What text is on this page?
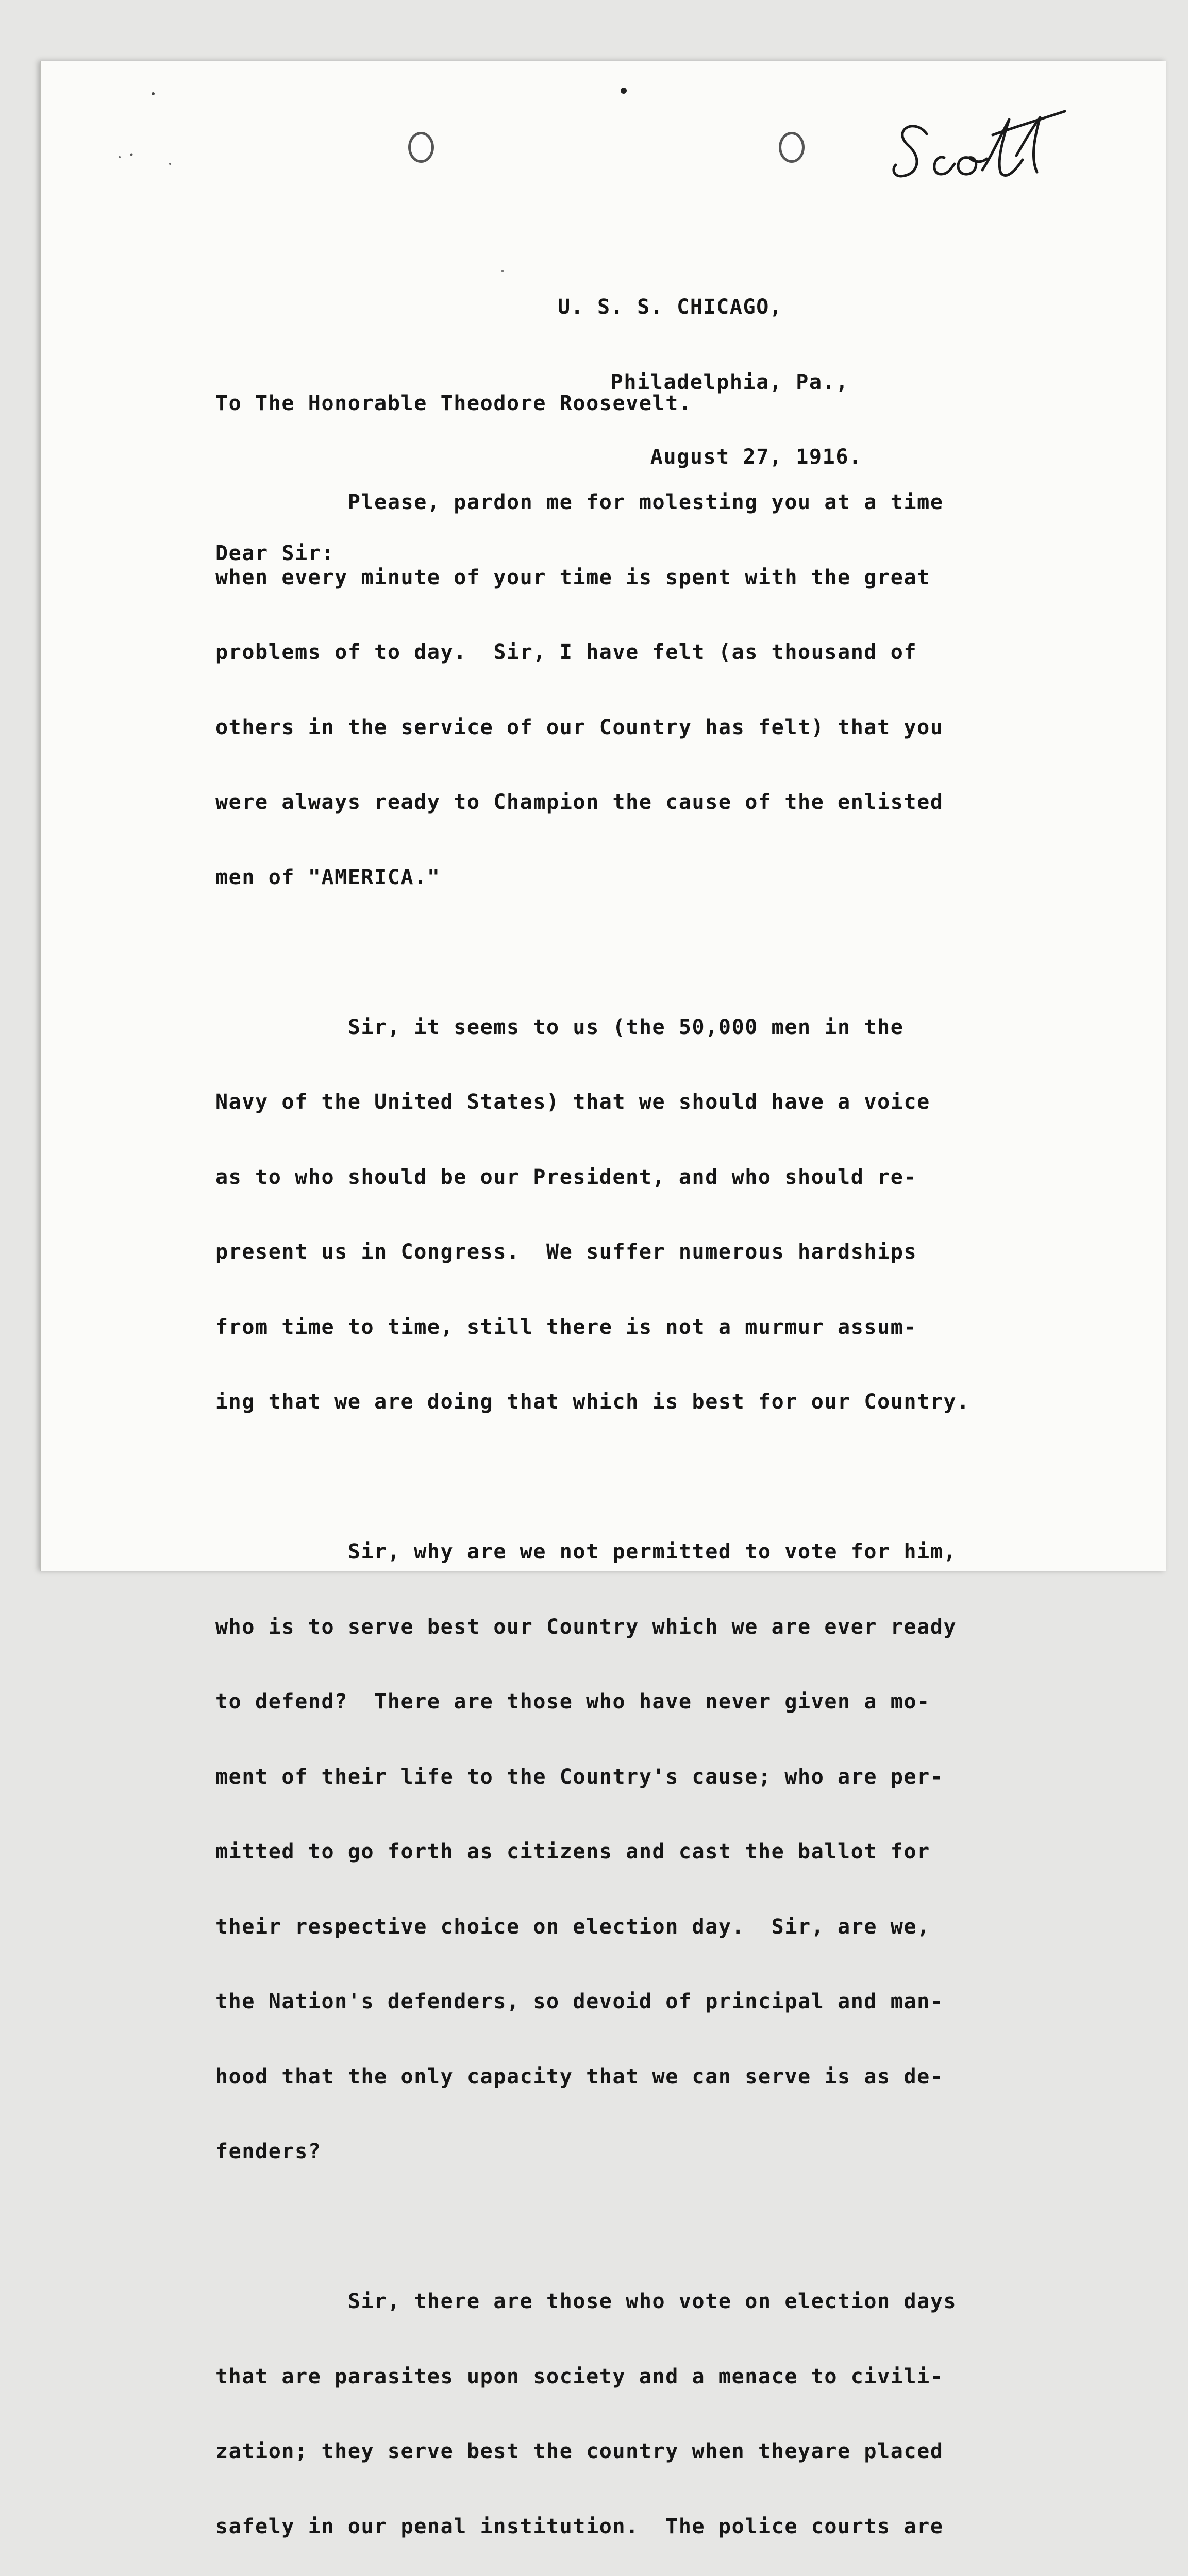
U. S. S. CHICAGO,

Philadelphia, Pa.,

August 27, 1916.

To The Honorable Theodore Roosevelt.

Dear Sir:

Please, pardon me for molesting you at a time

when every minute of your time is spent with the great

problems of to day.  Sir, I have felt (as thousand of

others in the service of our Country has felt) that you

were always ready to Champion the cause of the enlisted

men of "AMERICA."

Sir, it seems to us (the 50,000 men in the

Navy of the United States) that we should have a voice

as to who should be our President, and who should re-

present us in Congress.  We suffer numerous hardships

from time to time, still there is not a murmur assum-

ing that we are doing that which is best for our Country.

Sir, why are we not permitted to vote for him,

who is to serve best our Country which we are ever ready

to defend?  There are those who have never given a mo-

ment of their life to the Country's cause; who are per-

mitted to go forth as citizens and cast the ballot for

their respective choice on election day.  Sir, are we,

the Nation's defenders, so devoid of principal and man-

hood that the only capacity that we can serve is as de-

fenders?

Sir, there are those who vote on election days

that are parasites upon society and a menace to civili-

zation; they serve best the country when theyare placed

safely in our penal institution.  The police courts are
